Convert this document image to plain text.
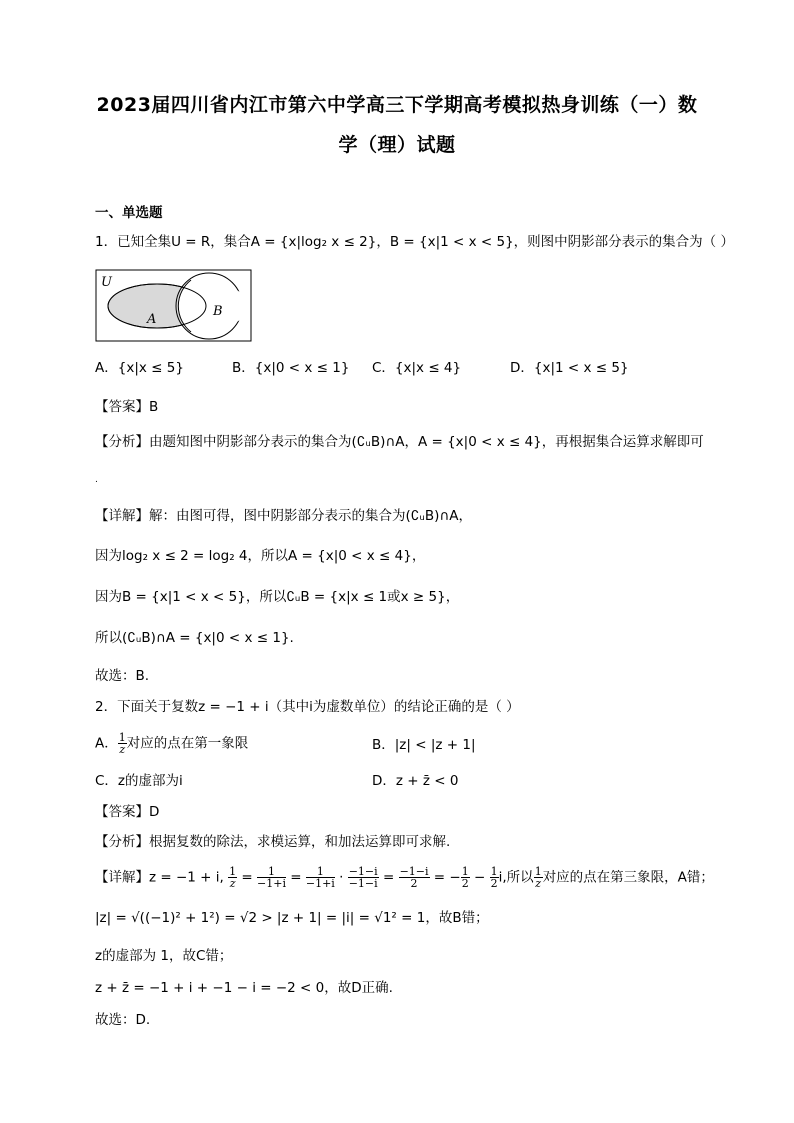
2023届四川省内江市第六中学高三下学期高考模拟热身训练（一）数
学（理）试题
一、单选题
1．已知全集U = R，集合A = {x|log₂ x ≤ 2}，B = {x|1 < x < 5}，则图中阴影部分表示的集合为（ ）
U
A
B
A．{x|x ≤ 5}	B．{x|0 < x ≤ 1} C．{x|x ≤ 4}	D．{x|1 < x ≤ 5}
【答案】B
【分析】由题知图中阴影部分表示的集合为(∁ᵤB)∩A，A = {x|0 < x ≤ 4}，再根据集合运算求解即可
.
【详解】解：由图可得，图中阴影部分表示的集合为(∁ᵤB)∩A，
因为log₂ x ≤ 2 = log₂ 4，所以A = {x|0 < x ≤ 4}，
因为B = {x|1 < x < 5}，所以∁ᵤB = {x|x ≤ 1或x ≥ 5}，
所以(∁ᵤB)∩A = {x|0 < x ≤ 1}.
故选：B.
2．下面关于复数z = −1 + i（其中i为虚数单位）的结论正确的是（ ）
A． $\frac{1}{z}$ 对应的点在第一象限	B．|z| < |z + 1|
C．z的虚部为i	D．z + z̄ < 0
【答案】D
【分析】根据复数的除法，求模运算，和加法运算即可求解.
【详解】z = −1 + i, $\frac{1}{z} = \frac{1}{-1+i} = \frac{1}{-1+i} \cdot \frac{-1-i}{-1-i} = \frac{-1-i}{2}$ = − $\frac{1}{2} - \frac{1}{2} i$,所以 $\frac{1}{z}$ 对应的点在第三象限，A错；
|z| = √((−1)² + 1²) = √2 > |z + 1| = |i| = √1² = 1，故B错；
z的虚部为 1，故C错；
z + z̄ = −1 + i + −1 − i = −2 < 0，故D正确.
故选：D.
